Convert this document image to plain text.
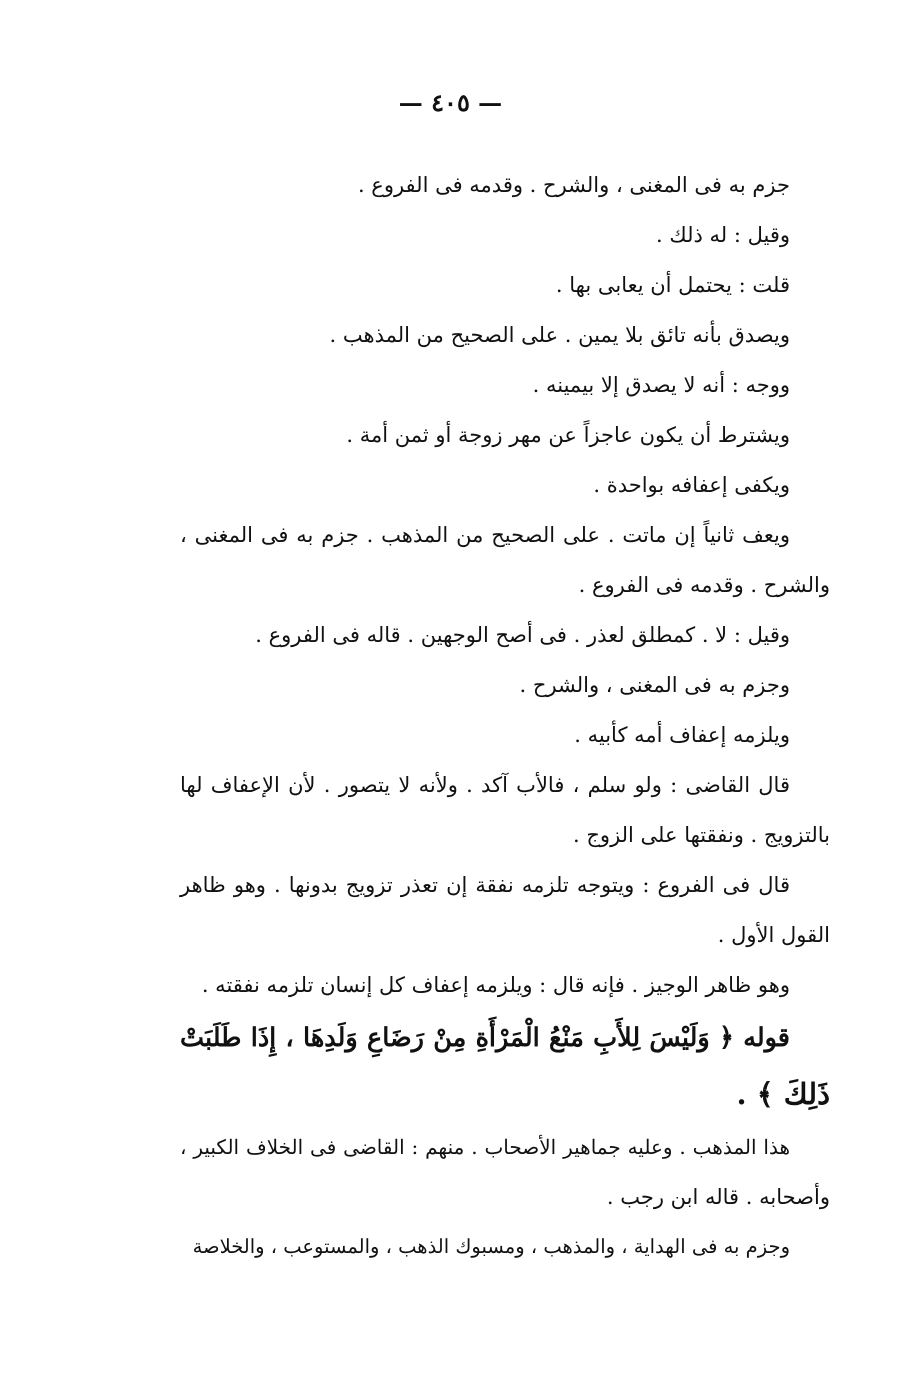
— ٤٠٥ —
جزم به فى المغنى ، والشرح . وقدمه فى الفروع .
وقيل : له ذلك .
قلت : يحتمل أن يعابى بها .
ويصدق بأنه تائق بلا يمين . على الصحيح من المذهب .
ووجه : أنه لا يصدق إلا بيمينه .
ويشترط أن يكون عاجزاً عن مهر زوجة أو ثمن أمة .
ويكفى إعفافه بواحدة .
ويعف ثانياً إن ماتت . على الصحيح من المذهب . جزم به فى المغنى ،
والشرح . وقدمه فى الفروع .
وقيل : لا . كمطلق لعذر . فى أصح الوجهين . قاله فى الفروع .
وجزم به فى المغنى ، والشرح .
ويلزمه إعفاف أمه كأبيه .
قال القاضى : ولو سلم ، فالأب آكد . ولأنه لا يتصور . لأن الإعفاف لها
بالتزويج . ونفقتها على الزوج .
قال فى الفروع : ويتوجه تلزمه نفقة إن تعذر تزويج بدونها . وهو ظاهر
القول الأول .
وهو ظاهر الوجيز . فإنه قال : ويلزمه إعفاف كل إنسان تلزمه نفقته .
قوله ﴿ وَلَيْسَ لِلأَبِ مَنْعُ الْمَرْأَةِ مِنْ رَضَاعِ وَلَدِهَا ، إِذَا طَلَبَتْ
ذَلِكَ ﴾ .
هذا المذهب . وعليه جماهير الأصحاب . منهم : القاضى فى الخلاف الكبير ،
وأصحابه . قاله ابن رجب .
وجزم به فى الهداية ، والمذهب ، ومسبوك الذهب ، والمستوعب ، والخلاصة
